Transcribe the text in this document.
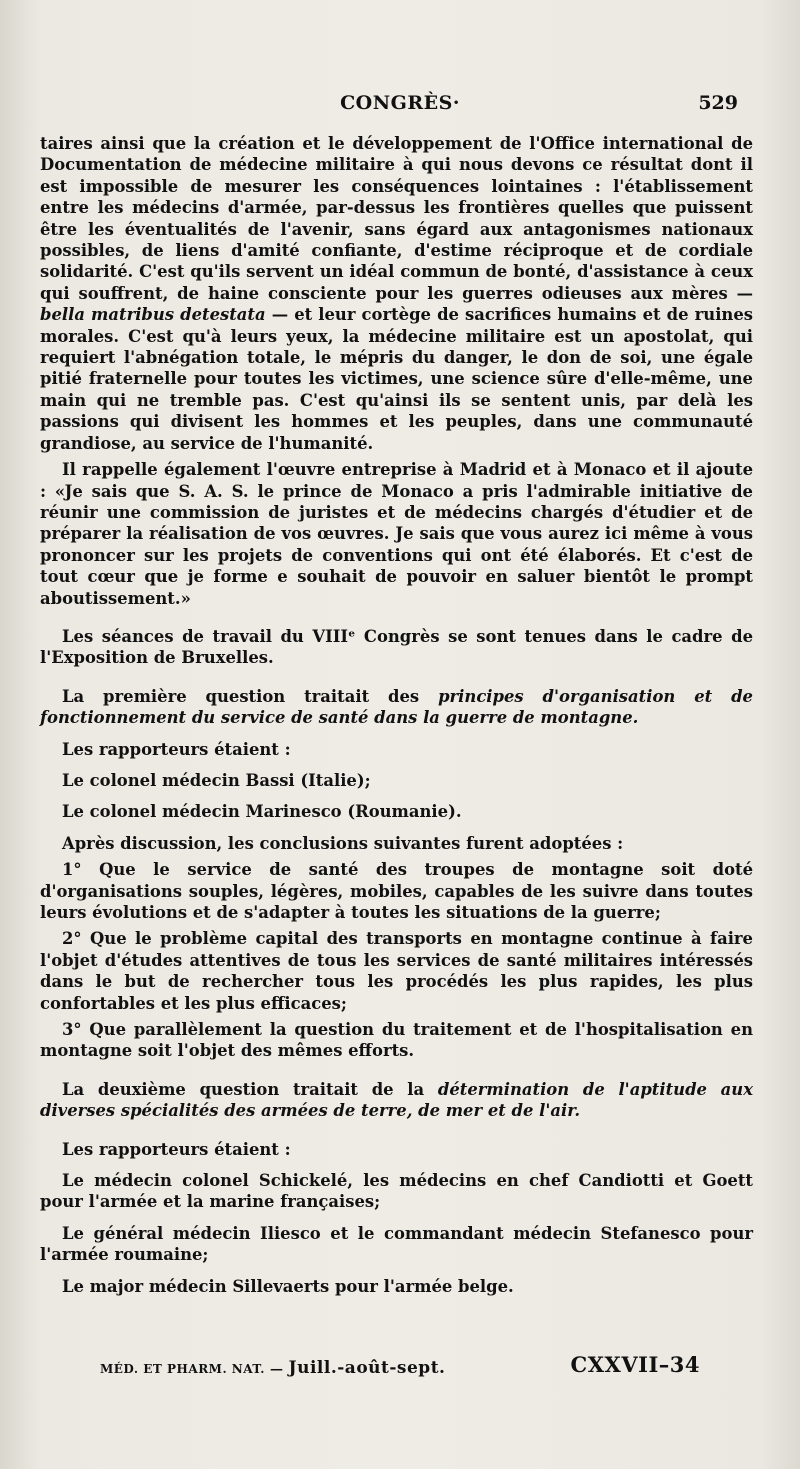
CONGRÈS·	529

taires ainsi que la création et le développement de l'Office international de Documentation de médecine militaire à qui nous devons ce résultat dont il est impossible de mesurer les conséquences lointaines : l'établissement entre les médecins d'armée, par-dessus les frontières quelles que puissent être les éventualités de l'avenir, sans égard aux antagonismes nationaux possibles, de liens d'amité confiante, d'estime réciproque et de cordiale solidarité. C'est qu'ils servent un idéal commun de bonté, d'assistance à ceux qui souffrent, de haine consciente pour les guerres odieuses aux mères — bella matribus detestata — et leur cortège de sacrifices humains et de ruines morales. C'est qu'à leurs yeux, la médecine militaire est un apostolat, qui requiert l'abnégation totale, le mépris du danger, le don de soi, une égale pitié fraternelle pour toutes les victimes, une science sûre d'elle-même, une main qui ne tremble pas. C'est qu'ainsi ils se sentent unis, par delà les passions qui divisent les hommes et les peuples, dans une communauté grandiose, au service de l'humanité.

Il rappelle également l'œuvre entreprise à Madrid et à Monaco et il ajoute : «Je sais que S. A. S. le prince de Monaco a pris l'admirable initiative de réunir une commission de juristes et de médecins chargés d'étudier et de préparer la réalisation de vos œuvres. Je sais que vous aurez ici même à vous prononcer sur les projets de conventions qui ont été élaborés. Et c'est de tout cœur que je forme e souhait de pouvoir en saluer bientôt le prompt aboutissement.»

Les séances de travail du VIIIᵉ Congrès se sont tenues dans le cadre de l'Exposition de Bruxelles.

La première question traitait des principes d'organisation et de fonctionnement du service de santé dans la guerre de montagne.

Les rapporteurs étaient :

Le colonel médecin Bassi (Italie);

Le colonel médecin Marinesco (Roumanie).

Après discussion, les conclusions suivantes furent adoptées :

1° Que le service de santé des troupes de montagne soit doté d'organisations souples, légères, mobiles, capables de les suivre dans toutes leurs évolutions et de s'adapter à toutes les situations de la guerre;

2° Que le problème capital des transports en montagne continue à faire l'objet d'études attentives de tous les services de santé militaires intéressés dans le but de rechercher tous les procédés les plus rapides, les plus confortables et les plus efficaces;

3° Que parallèlement la question du traitement et de l'hospitalisation en montagne soit l'objet des mêmes efforts.

La deuxième question traitait de la détermination de l'aptitude aux diverses spécialités des armées de terre, de mer et de l'air.

Les rapporteurs étaient :

Le médecin colonel Schickelé, les médecins en chef Candiotti et Goett pour l'armée et la marine françaises;

Le général médecin Iliesco et le commandant médecin Stefanesco pour l'armée roumaine;

Le major médecin Sillevaerts pour l'armée belge.

MÉD. ET PHARM. NAT. — Juill.-août-sept.	CXXVII–34
